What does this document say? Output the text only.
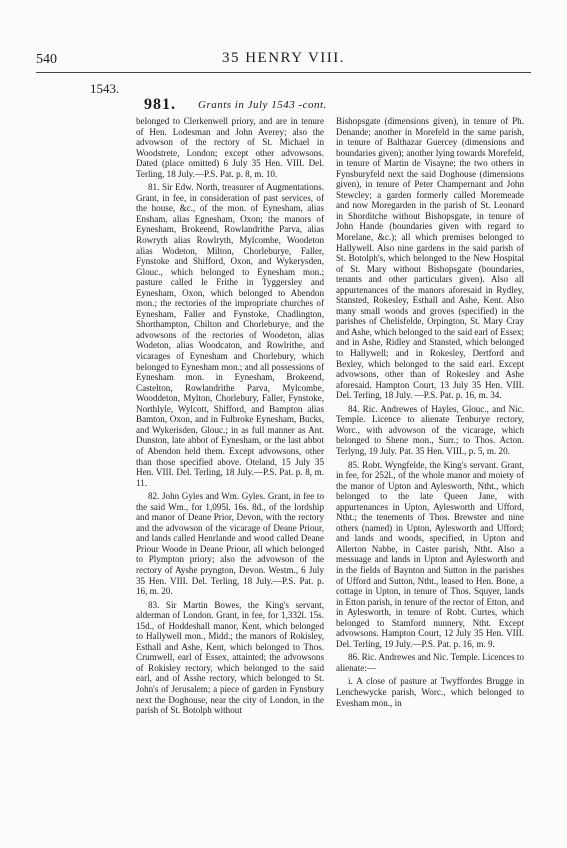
540	35 HENRY VIII.
1543.
981. Grants in July 1543 -cont.

belonged to Clerkenwell priory, and are in tenure of Hen. Lodesman and John Averey; also the advowson of the rectory of St. Michael in Woodstrete, London; except other advowsons. Dated (place omitted) 6 July 35 Hen. VIII. Del. Terling, 18 July.—P.S. Pat. p. 8, m. 10.

81. Sir Edw. North, treasurer of Augmentations. Grant, in fee, in consideration of past services, of the house, &c., of the mon. of Eynesham, alias Ensham, alias Egnesham, Oxon; the manors of Eynesham, Brokeend, Rowlandrithe Parva, alias Rowryth alias Rowlryth, Mylcombe, Woodeton alias Wodeton, Milton, Chorleburye, Faller, Fynstoke and Shifford, Oxon, and Wykerysden, Glouc., which belonged to Eynesham mon.; pasture called le Frithe in Tyggersley and Eynesham, Oxon, which belonged to Abendon mon.; the rectories of the impropriate churches of Eynesham, Faller and Fynstoke, Chadlington, Shorthampton, Chilton and Chorleburye, and the advowsons of the rectories of Woodeton, alias Wodeton, alias Woodcaton, and Rowlrithe, and vicarages of Eynesham and Chorlebury, which belonged to Eynesham mon.; and all possessions of Eynesham mon. in Eynesham, Brokeend, Castelton, Rowlandrithe Parva, Mylcombe, Wooddeton, Mylton, Chorlebury, Faller, Fynstoke, Northlyle, Wylcott, Shifford, and Bampton alias Bamton, Oxon, and in Fulbroke Eynesham, Bucks, and Wykerisden, Glouc.; in as full manner as Ant. Dunston, late abbot of Eynesham, or the last abbot of Abendon held them. Except advowsons, other than those specified above. Oteland, 15 July 35 Hen. VIII. Del. Terling, 18 July.—P.S. Pat. p. 8, m. 11.

82. John Gyles and Wm. Gyles. Grant, in fee to the said Wm., for 1,095l. 16s. 8d., of the lordship and manor of Deane Prior, Devon, with the rectory and the advowson of the vicarage of Deane Priour, and lands called Henrlande and wood called Deane Priour Woode in Deane Priour, all which belonged to Plympton priory; also the advowson of the rectory of Ayshe pryngton, Devon. Westm., 6 July 35 Hen. VIII. Del. Terling, 18 July.—P.S. Pat. p. 16, m. 20.

83. Sir Martin Bowes, the King's servant, alderman of London. Grant, in fee, for 1,332l. 15s. 15d., of Hoddeshall manor, Kent, which belonged to Hallywell mon., Midd.; the manors of Rokisley, Esthall and Ashe, Kent, which belonged to Thos. Crumwell, earl of Essex, attainted; the advowsons of Rokisley rectory, which belonged to the said earl, and of Asshe rectory, which belonged to St. John's of Jerusalem; a piece of garden in Fynsbury next the Doghouse, near the city of London, in the parish of St. Botolph without

Bishopsgate (dimensions given), in tenure of Ph. Denande; another in Morefeld in the same parish, in tenure of Balthazar Guercey (dimensions and boundaries given); another lying towards Morefeld, in tenure of Martin de Visayne; the two others in Fynsburyfeld next the said Doghouse (dimensions given), in tenure of Peter Champernant and John Stewcley; a garden formerly called Moremeade and now Moregarden in the parish of St. Leonard in Shorditche without Bishopsgate, in tenure of John Hande (boundaries given with regard to Morelane, &c.); all which premises belonged to Hallywell. Also nine gardens in the said parish of St. Botolph's, which belonged to the New Hospital of St. Mary without Bishopsgate (boundaries, tenants and other particulars given). Also all appurtenances of the manors aforesaid in Rydley, Stansted, Rokesley, Esthall and Ashe, Kent. Also many small woods and groves (specified) in the parishes of Chelisfelde, Orpington, St. Mary Cray and Ashe, which belonged to the said earl of Essex; and in Ashe, Ridley and Stansted, which belonged to Hallywell; and in Rokesley, Dertford and Bexley, which belonged to the said earl. Except advowsons, other than of Rokesley and Ashe aforesaid. Hampton Court, 13 July 35 Hen. VIII. Del. Terling, 18 July. —P.S. Pat. p. 16, m. 34.

84. Ric. Andrewes of Hayles, Glouc., and Nic. Temple. Licence to alienate Tenburye rectory, Worc., with advowson of the vicarage, which belonged to Shene mon., Surr.; to Thos. Acton. Terlyng, 19 July. Pat. 35 Hen. VIII., p. 5, m. 20.

85. Robt. Wyngfelde, the King's servant. Grant, in fee, for 252l., of the whole manor and moiety of the manor of Upton and Aylesworth, Ntht., which belonged to the late Queen Jane, with appurtenances in Upton, Aylesworth and Ufford, Ntht.; the tenements of Thos. Brewster and nine others (named) in Upton, Aylesworth and Ufford; and lands and woods, specified, in Upton and Allerton Nabbe, in Caster parish, Ntht. Also a messuage and lands in Upton and Aylesworth and in the fields of Baynton and Sutton in the parishes of Ufford and Sutton, Ntht., leased to Hen. Bone, a cottage in Upton, in tenure of Thos. Squyer, lands in Etton parish, in tenure of the rector of Etton, and in Aylesworth, in tenure of Robt. Curtes, which belonged to Stamford nunnery, Ntht. Except advowsons. Hampton Court, 12 July 35 Hen. VIII. Del. Terling, 19 July.—P.S. Pat. p. 16, m. 9.

86. Ric. Andrewes and Nic. Temple. Licences to alienate:—

i. A close of pasture at Twyffordes Brugge in Lenchewycke parish, Worc., which belonged to Evesham mon., in
